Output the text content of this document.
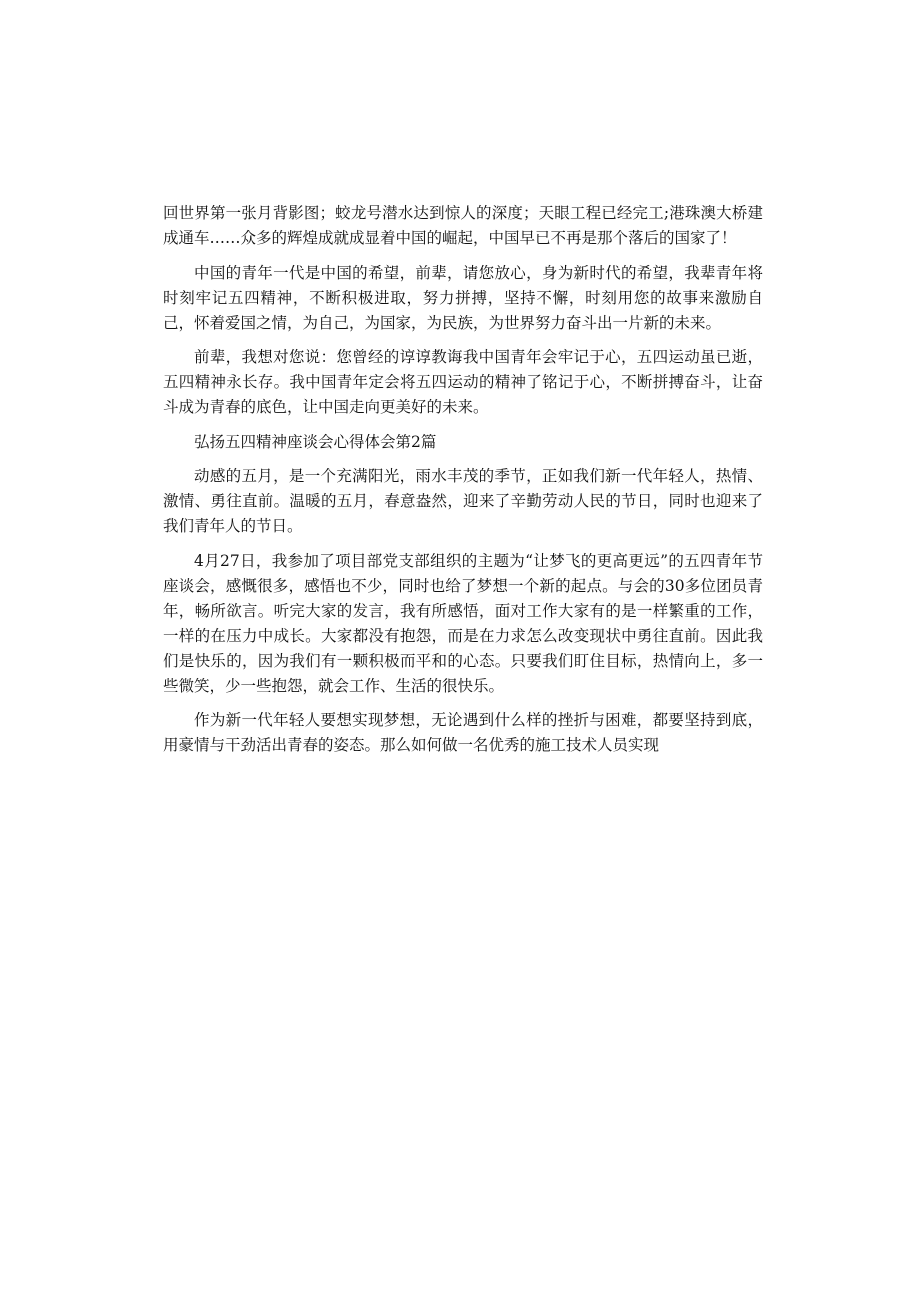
回世界第一张月背影图；蛟龙号潜水达到惊人的深度；天眼工程已经完工;港珠澳大桥建成通车……众多的辉煌成就成显着中国的崛起，中国早已不再是那个落后的国家了！

中国的青年一代是中国的希望，前辈，请您放心，身为新时代的希望，我辈青年将时刻牢记五四精神，不断积极进取，努力拼搏，坚持不懈，时刻用您的故事来激励自己，怀着爱国之情，为自己，为国家，为民族，为世界努力奋斗出一片新的未来。

前辈，我想对您说：您曾经的谆谆教诲我中国青年会牢记于心，五四运动虽已逝，五四精神永长存。我中国青年定会将五四运动的精神了铭记于心，不断拼搏奋斗，让奋斗成为青春的底色，让中国走向更美好的未来。

弘扬五四精神座谈会心得体会第2篇

动感的五月，是一个充满阳光，雨水丰茂的季节，正如我们新一代年轻人，热情、激情、勇往直前。温暖的五月，春意盎然，迎来了辛勤劳动人民的节日，同时也迎来了我们青年人的节日。

4月27日，我参加了项目部党支部组织的主题为“让梦飞的更高更远”的五四青年节座谈会，感慨很多，感悟也不少，同时也给了梦想一个新的起点。与会的30多位团员青年，畅所欲言。听完大家的发言，我有所感悟，面对工作大家有的是一样繁重的工作，一样的在压力中成长。大家都没有抱怨，而是在力求怎么改变现状中勇往直前。因此我们是快乐的，因为我们有一颗积极而平和的心态。只要我们盯住目标，热情向上，多一些微笑，少一些抱怨，就会工作、生活的很快乐。

作为新一代年轻人要想实现梦想，无论遇到什么样的挫折与困难，都要坚持到底，用豪情与干劲活出青春的姿态。那么如何做一名优秀的施工技术人员实现
